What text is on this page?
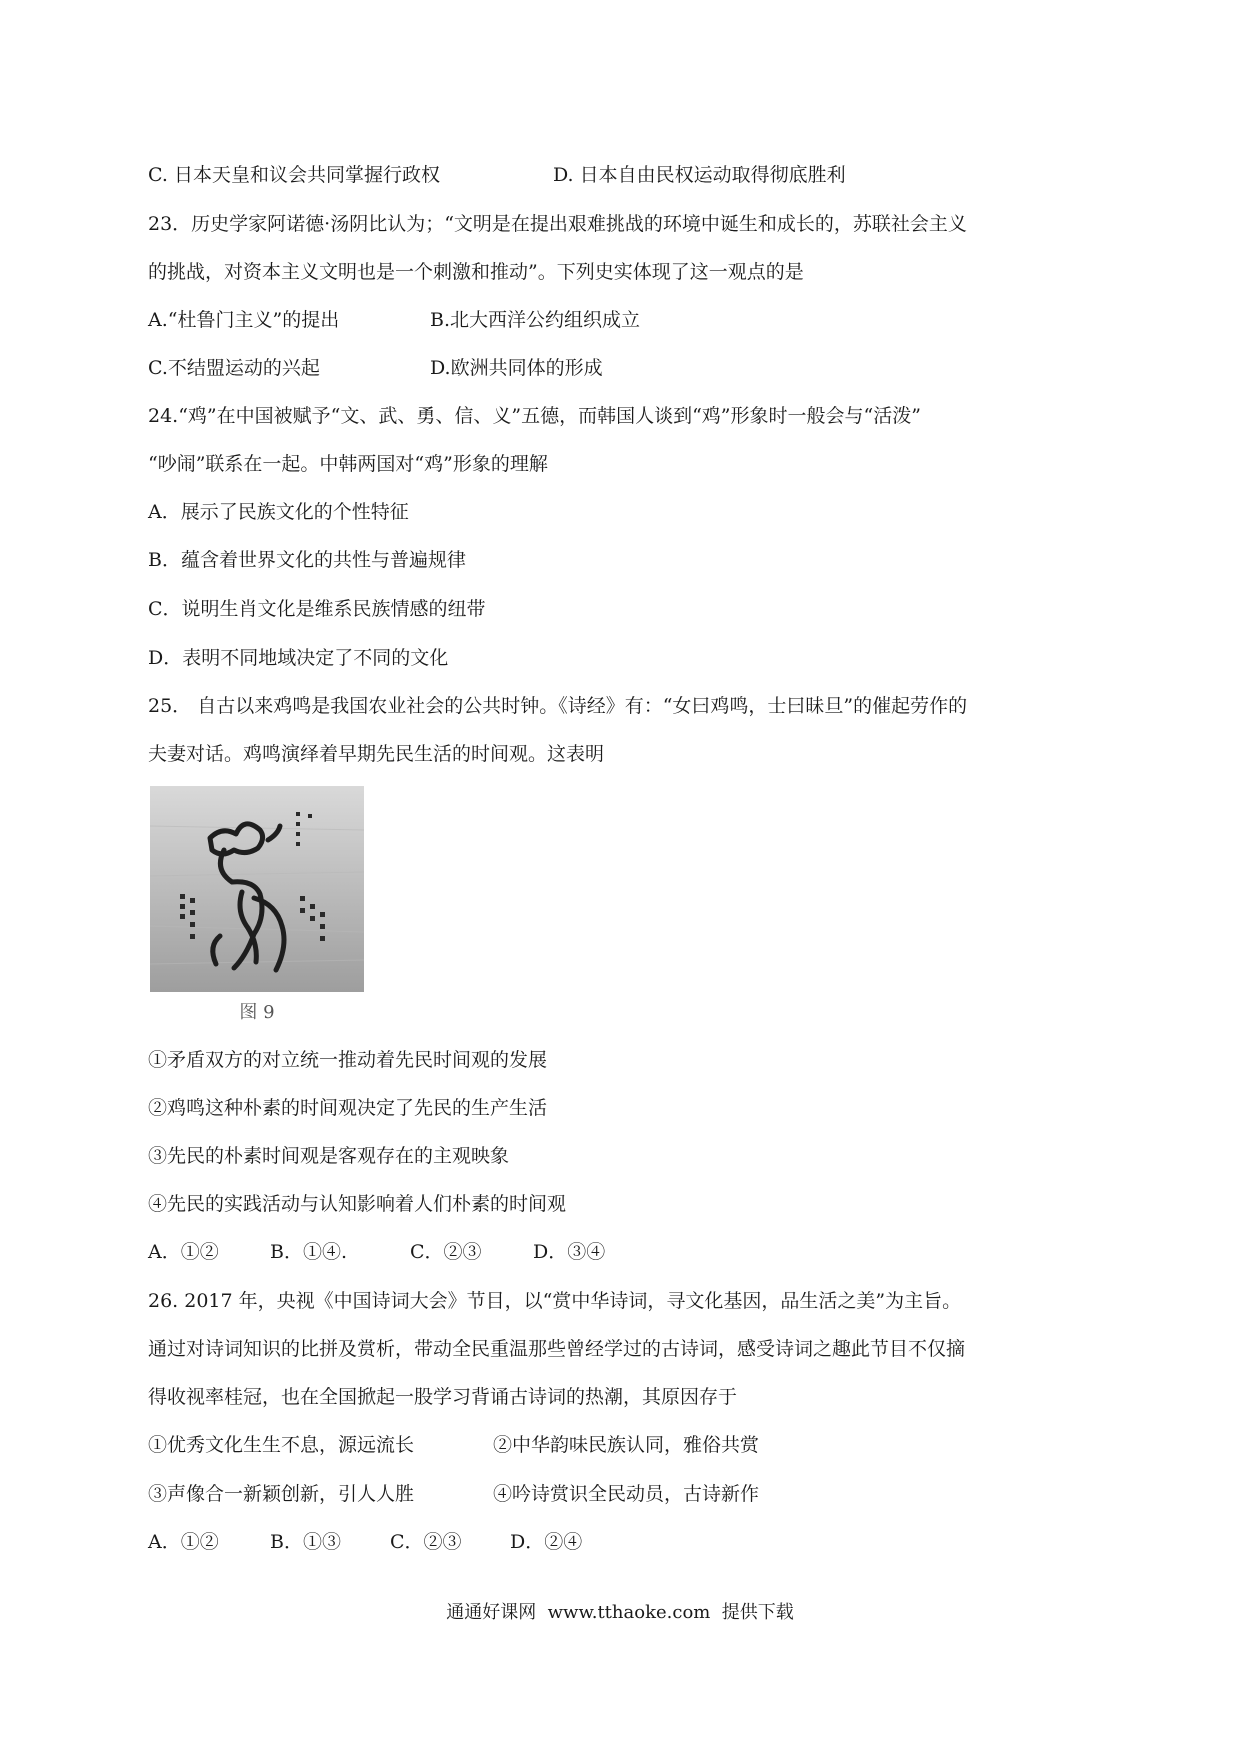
C. 日本天皇和议会共同掌握行政权	D. 日本自由民权运动取得彻底胜利

23．历史学家阿诺德·汤阴比认为；“文明是在提出艰难挑战的环境中诞生和成长的，苏联社会主义

的挑战，对资本主义文明也是一个刺激和推动”。下列史实体现了这一观点的是

A.“杜鲁门主义”的提出	B.北大西洋公约组织成立

C.不结盟运动的兴起	D.欧洲共同体的形成

24.“鸡”在中国被赋予“文、武、勇、信、义”五德，而韩国人谈到“鸡”形象时一般会与“活泼”

“吵闹”联系在一起。中韩两国对“鸡”形象的理解

A．展示了民族文化的个性特征

B．蕴含着世界文化的共性与普遍规律

C．说明生肖文化是维系民族情感的纽带

D．表明不同地域决定了不同的文化

25． 自古以来鸡鸣是我国农业社会的公共时钟。《诗经》有：“女曰鸡鸣，士曰昧旦”的催起劳作的

夫妻对话。鸡鸣演绎着早期先民生活的时间观。这表明

图 9

①矛盾双方的对立统一推动着先民时间观的发展

②鸡鸣这种朴素的时间观决定了先民的生产生活

③先民的朴素时间观是客观存在的主观映象

④先民的实践活动与认知影响着人们朴素的时间观

A．①②	B．①④.	C．②③	D．③④

26. 2017 年，央视《中国诗词大会》节目，以“赏中华诗词，寻文化基因，品生活之美”为主旨。

通过对诗词知识的比拼及赏析，带动全民重温那些曾经学过的古诗词，感受诗词之趣此节目不仅摘

得收视率桂冠，也在全国掀起一股学习背诵古诗词的热潮，其原因存于

①优秀文化生生不息，源远流长	②中华韵味民族认同，雅俗共赏

③声像合一新颖创新，引人人胜	④吟诗赏识全民动员，古诗新作

A．①②	B．①③	C．②③	D．②④

通通好课网  www.tthaoke.com  提供下载
